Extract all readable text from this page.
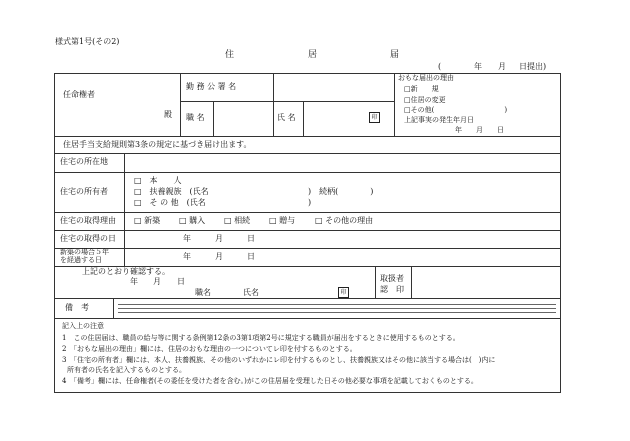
様式第1号(その2)
住	居	届
(	年 月 日提出)
任命権者
殿
勤 務 公 署 名
職 名	氏 名	印
おもな届出の理由
□新　　規
□住居の変更
□その他(　　　　　　　　　　)
上記事実の発生年月日
年　　月　　日
住居手当支給規則第3条の規定に基づき届け出ます。
住宅の所在地
住宅の所有者
□　本　　人
□　扶養親族　(氏名	)　続柄(　　　　)
□　そ の 他　(氏名	)
住宅の取得理由 □ 新築 □ 購入 □ 相続 □ 贈与 □ その他の理由
住宅の取得の日	年	月	日
新築の場合５年
を経過する日	年	月	日
上記のとおり確認する。
年 月 日
職名	氏名	印
取扱者
認　印
備　考
記入上の注意
1　この住居届は、職員の給与等に関する条例第12条の3第1項第2号に規定する職員が届出をするときに使用するものとする。
2　「おもな届出の理由」欄には、住居のおもな理由の一つについてレ印を付するものとする。
3　「住宅の所有者」欄には、本人、扶養親族、その他のいずれかにレ印を付するものとし、扶養親族又はその他に該当する場合は(　)内に
所有者の氏名を記入するものとする。
4　「備考」欄には、任命権者(その委任を受けた者を含む。)がこの住居届を受理した日その他必要な事項を記載しておくものとする。
